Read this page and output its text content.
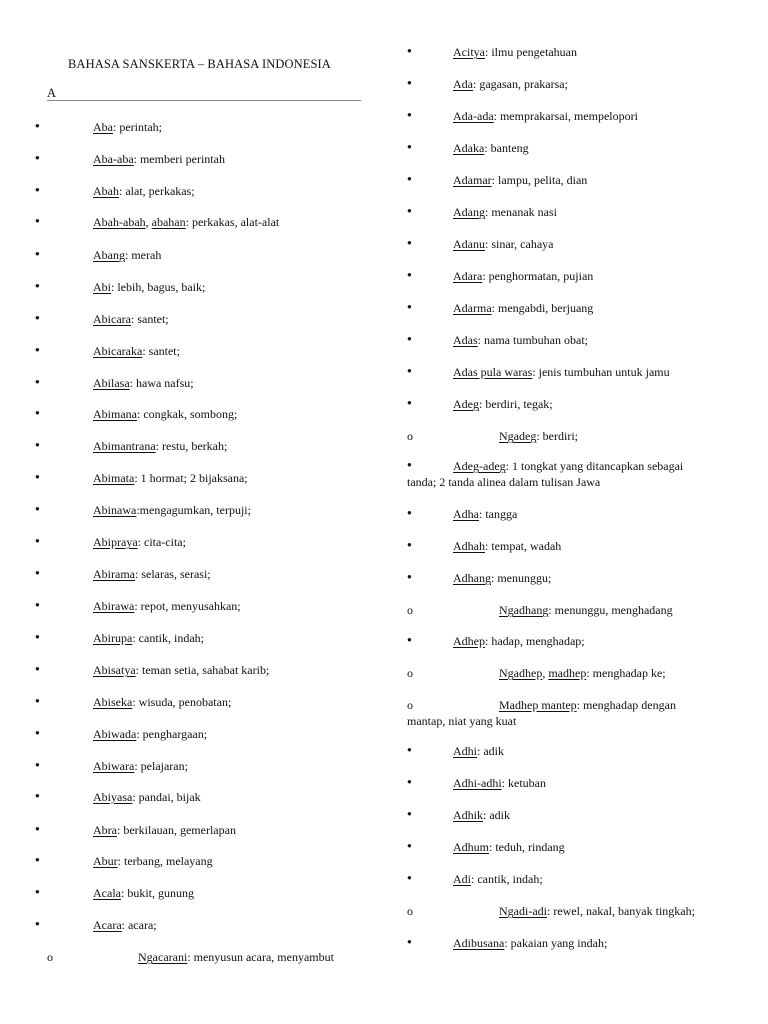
BAHASA SANSKERTA – BAHASA INDONESIA
A
●	Aba: perintah;
●	Aba-aba: memberi perintah
●	Abah: alat, perkakas;
●	Abah-abah, abahan: perkakas, alat-alat
●	Abang: merah
●	Abi: lebih, bagus, baik;
●	Abicara: santet;
●	Abicaraka: santet;
●	Abilasa: hawa nafsu;
●	Abimana: congkak, sombong;
●	Abimantrana: restu, berkah;
●	Abimata: 1 hormat; 2 bijaksana;
●	Abinawa:mengagumkan, terpuji;
●	Abipraya: cita-cita;
●	Abirama: selaras, serasi;
●	Abirawa: repot, menyusahkan;
●	Abirupa: cantik, indah;
●	Abisatya: teman setia, sahabat karib;
●	Abiseka: wisuda, penobatan;
●	Abiwada: penghargaan;
●	Abiwara: pelajaran;
●	Abiyasa: pandai, bijak
●	Abra: berkilauan, gemerlapan
●	Abur: terbang, melayang
●	Acala: bukit, gunung
●	Acara: acara;
o	Ngacarani: menyusun acara, menyambut
●	Acitya: ilmu pengetahuan
●	Ada: gagasan, prakarsa;
●	Ada-ada: memprakarsai, mempelopori
●	Adaka: banteng
●	Adamar: lampu, pelita, dian
●	Adang: menanak nasi
●	Adanu: sinar, cahaya
●	Adara: penghormatan, pujian
●	Adarma: mengabdi, berjuang
●	Adas: nama tumbuhan obat;
●	Adas pula waras: jenis tumbuhan untuk jamu
●	Adeg: berdiri, tegak;
o	Ngadeg: berdiri;
●	Adeg-adeg: 1 tongkat yang ditancapkan sebagai
tanda; 2 tanda alinea dalam tulisan Jawa
●	Adha: tangga
●	Adhah: tempat, wadah
●	Adhang: menunggu;
o	Ngadhang: menunggu, menghadang
●	Adhep: hadap, menghadap;
o	Ngadhep, madhep: menghadap ke;
o	Madhep mantep: menghadap dengan
mantap, niat yang kuat
●	Adhi: adik
●	Adhi-adhi: ketuban
●	Adhik: adik
●	Adhum: teduh, rindang
●	Adi: cantik, indah;
o	Ngadi-adi: rewel, nakal, banyak tingkah;
●	Adibusana: pakaian yang indah;
